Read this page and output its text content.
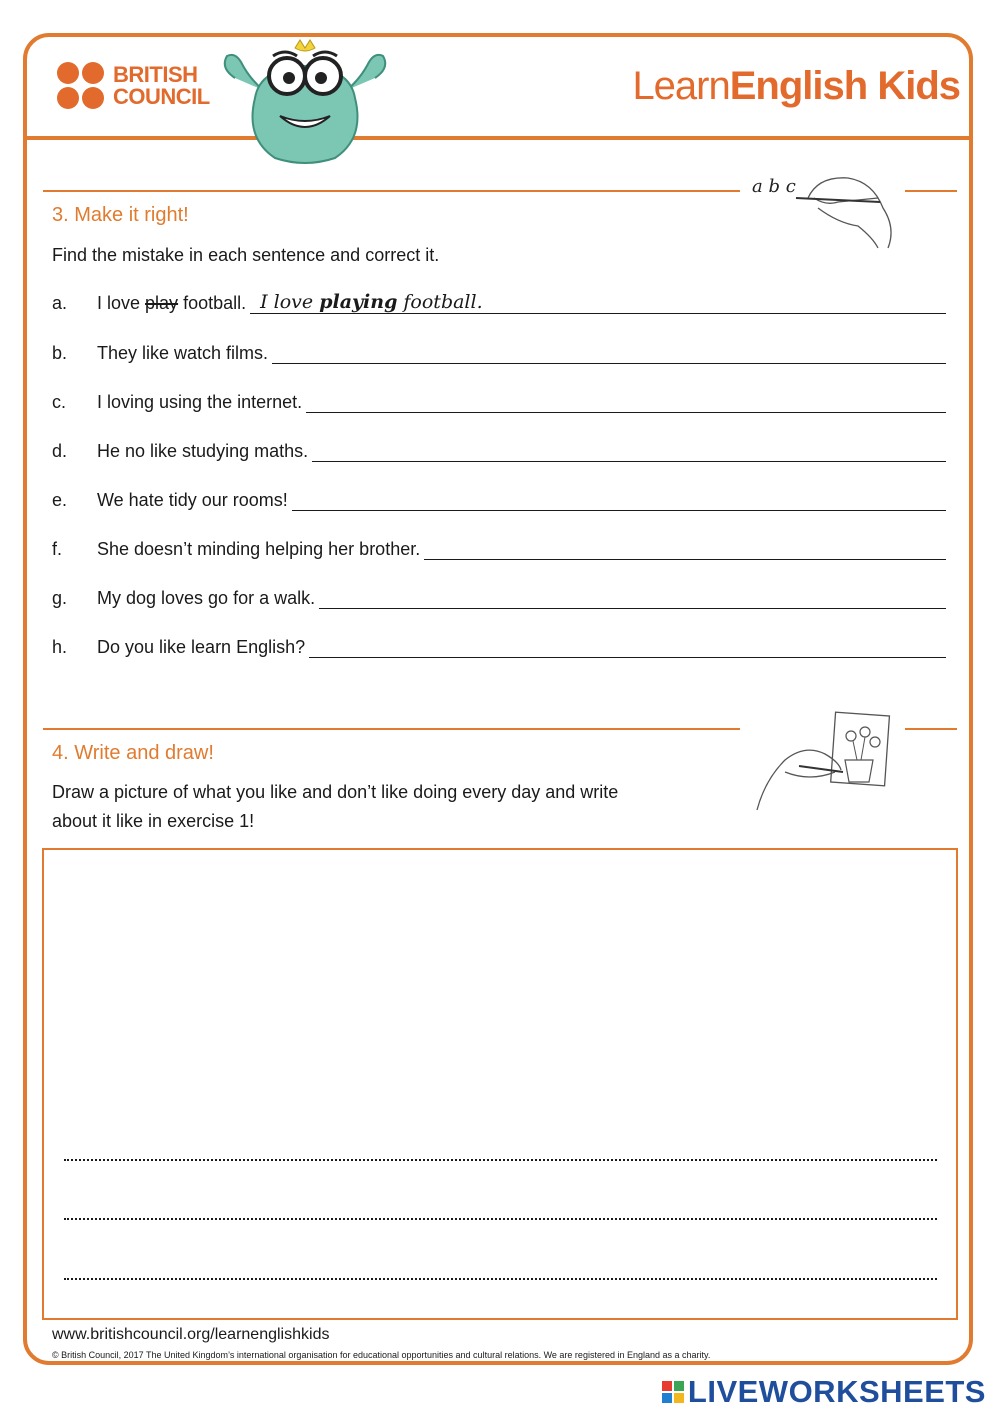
BRITISH
COUNCIL	LearnEnglish Kids
a b c
3. Make it right!
Find the mistake in each sentence and correct it.
a.	I love play football. I love playing football.
b.	They like watch films.
c.	I loving using the internet.
d.	He no like studying maths.
e.	We hate tidy our rooms!
f.	She doesn’t minding helping her brother.
g.	My dog loves go for a walk.
h.	Do you like learn English?
4. Write and draw!
Draw a picture of what you like and don’t like doing every day and write
about it like in exercise 1!
www.britishcouncil.org/learnenglishkids
© British Council, 2017 The United Kingdom’s international organisation for educational opportunities and cultural relations. We are registered in England as a charity.
LIVEWORKSHEETS
